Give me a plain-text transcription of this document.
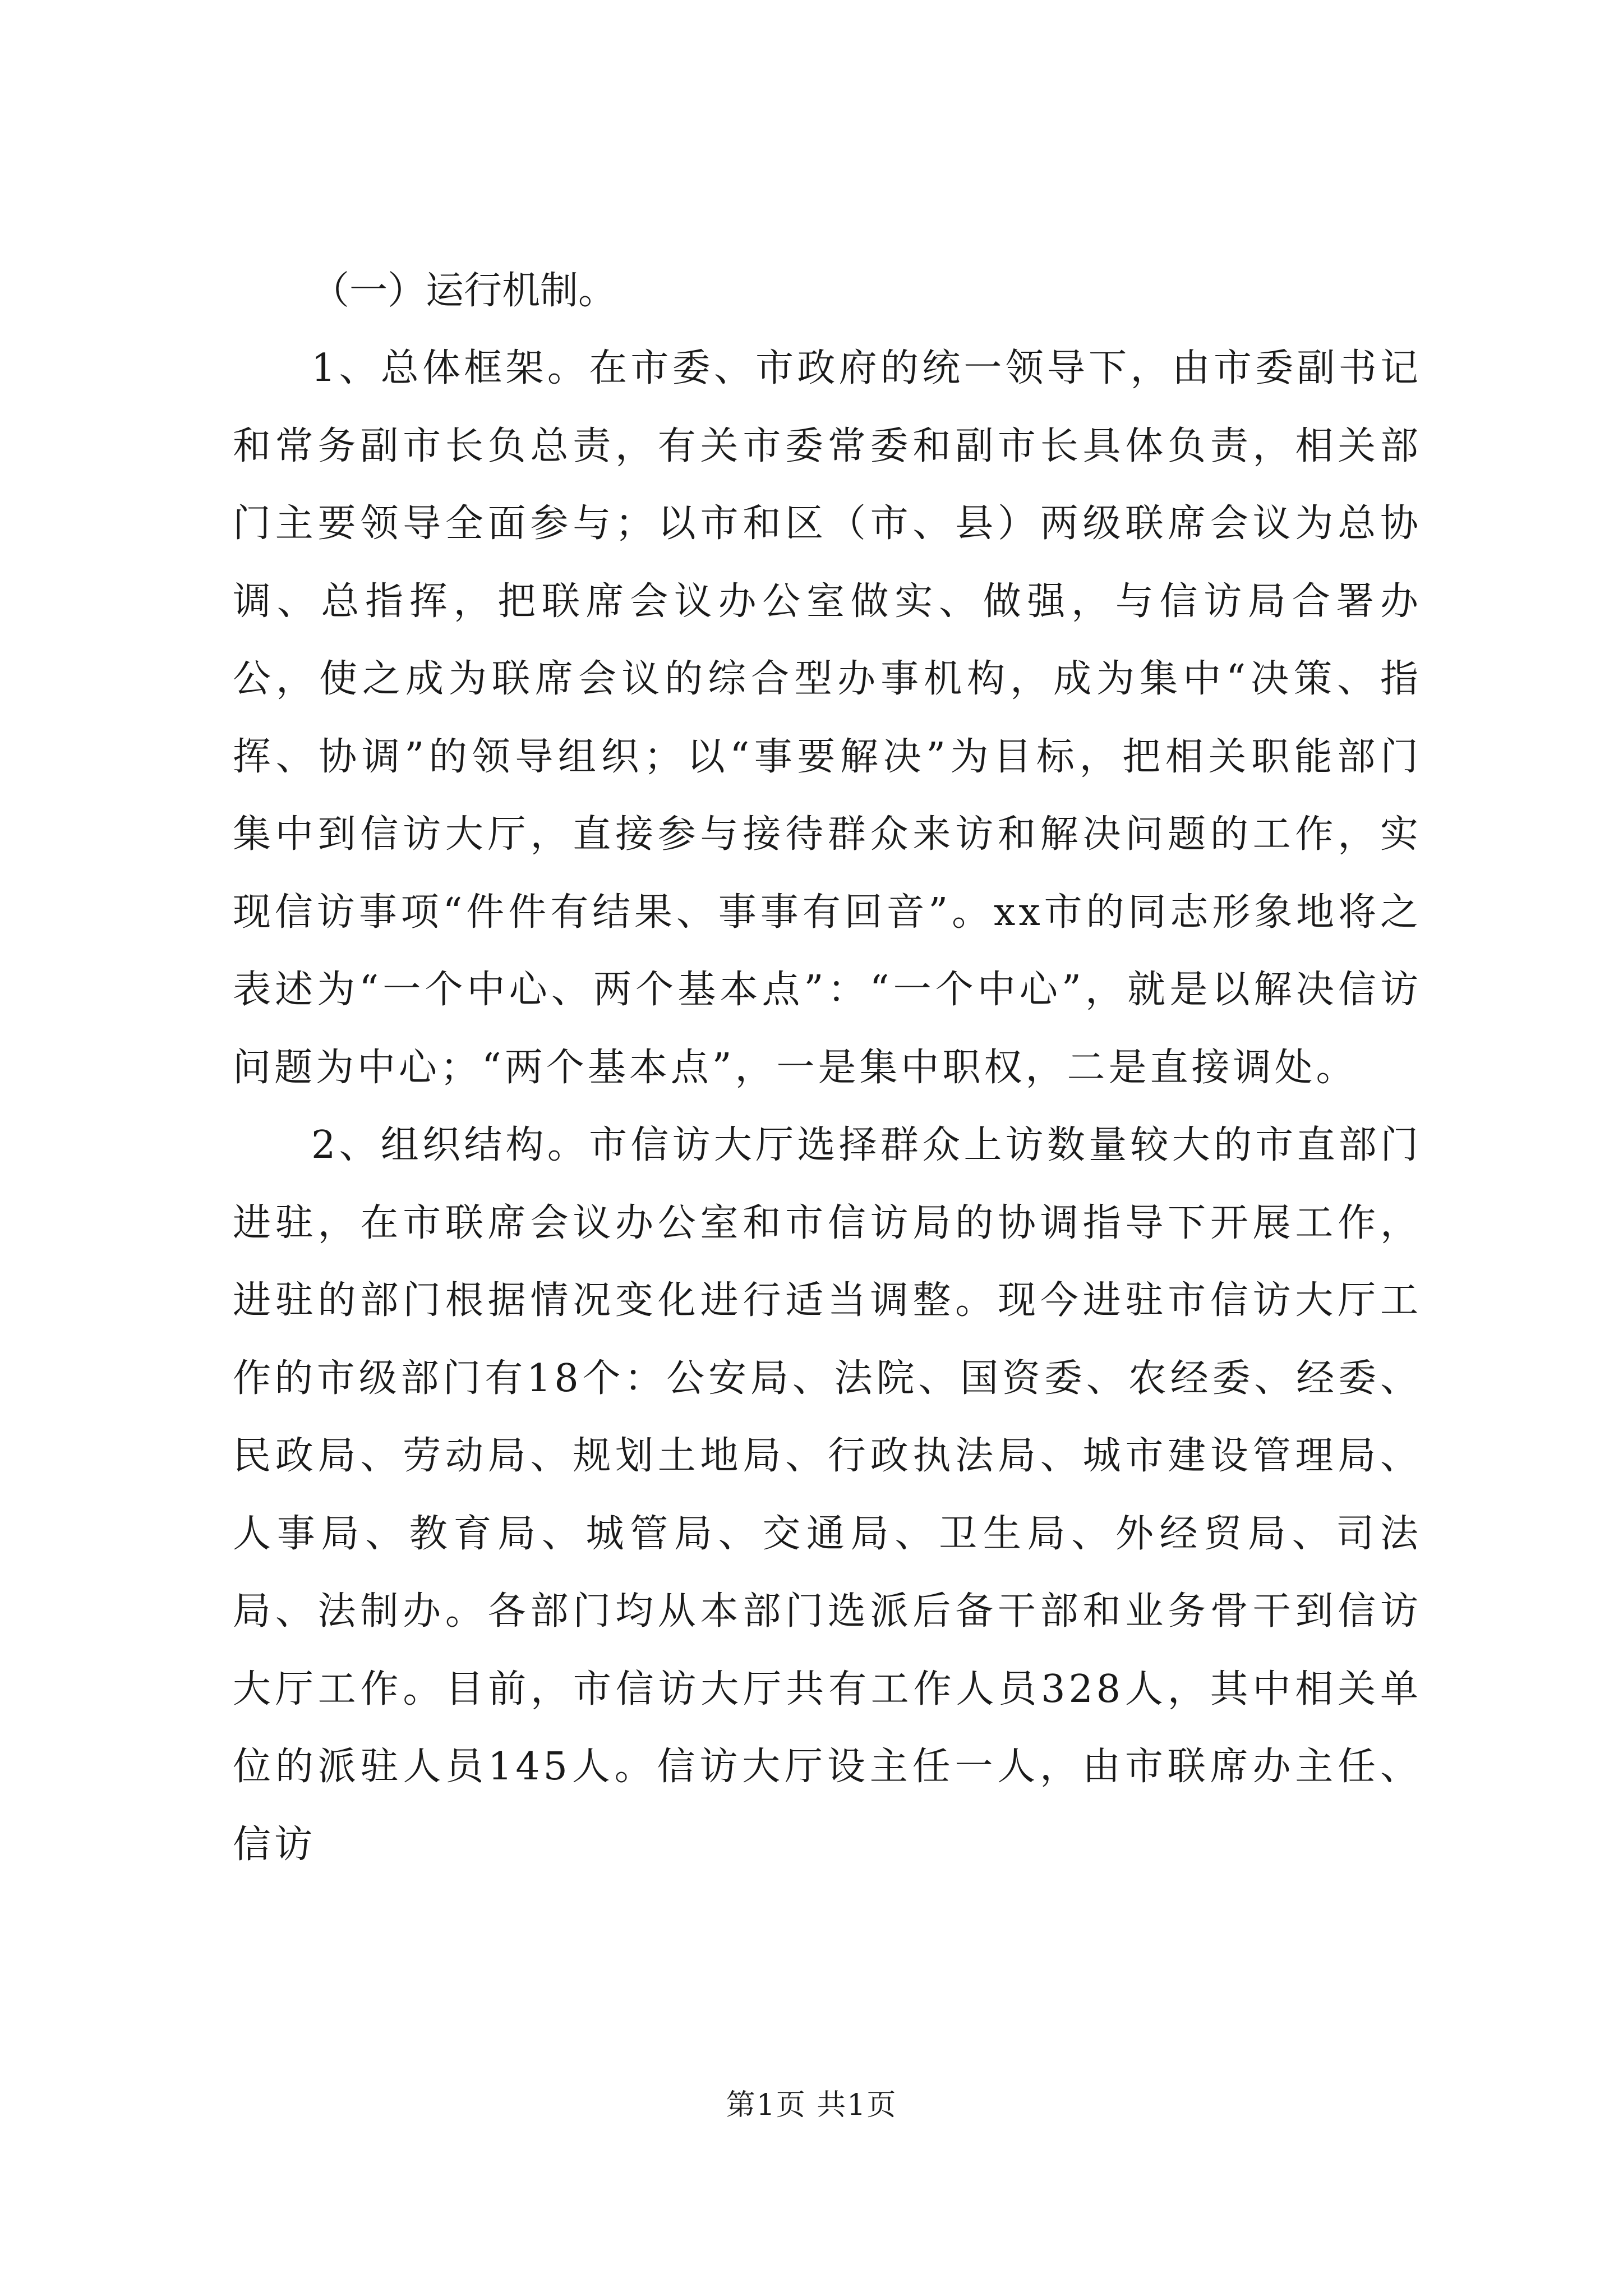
（一）运行机制。

1、总体框架。在市委、市政府的统一领导下，由市委副书记和常务副市长负总责，有关市委常委和副市长具体负责，相关部门主要领导全面参与；以市和区（市、县）两级联席会议为总协调、总指挥，把联席会议办公室做实、做强，与信访局合署办公，使之成为联席会议的综合型办事机构，成为集中“决策、指挥、协调”的领导组织；以“事要解决”为目标，把相关职能部门集中到信访大厅，直接参与接待群众来访和解决问题的工作，实现信访事项“件件有结果、事事有回音”。xx市的同志形象地将之表述为“一个中心、两个基本点”：“一个中心”，就是以解决信访问题为中心；“两个基本点”，一是集中职权，二是直接调处。

2、组织结构。市信访大厅选择群众上访数量较大的市直部门进驻，在市联席会议办公室和市信访局的协调指导下开展工作，进驻的部门根据情况变化进行适当调整。现今进驻市信访大厅工作的市级部门有18个：公安局、法院、国资委、农经委、经委、民政局、劳动局、规划土地局、行政执法局、城市建设管理局、人事局、教育局、城管局、交通局、卫生局、外经贸局、司法局、法制办。各部门均从本部门选派后备干部和业务骨干到信访大厅工作。目前，市信访大厅共有工作人员328人，其中相关单位的派驻人员145人。信访大厅设主任一人，由市联席办主任、信访

第1页 共1页
